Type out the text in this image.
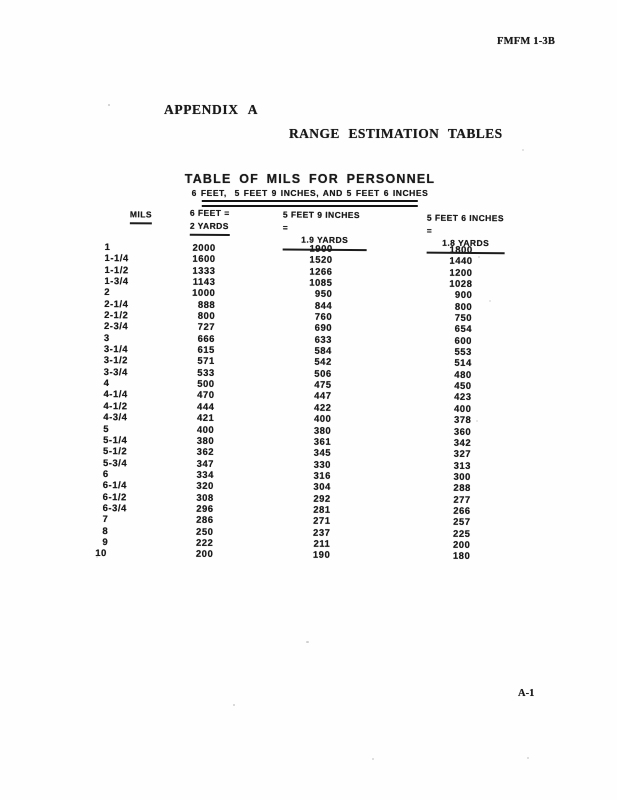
FMFM 1-3B
APPENDIX A
RANGE ESTIMATION TABLES
TABLE OF MILS FOR PERSONNEL
6 FEET,  5 FEET 9 INCHES, AND 5 FEET 6 INCHES
MILS	6 FEET =
2 YARDS
5 FEET 9 INCHES =
1.9 YARDS
5 FEET 6 INCHES =
1.8 YARDS
1	2000	1900	1800
1-1/4	1600	1520	1440
1-1/2	1333	1266	1200
1-3/4	1143	1085	1028
2	1000	950	900
2-1/4	888	844	800
2-1/2	800	760	750
2-3/4	727	690	654
3	666	633	600
3-1/4	615	584	553
3-1/2	571	542	514
3-3/4	533	506	480
4	500	475	450
4-1/4	470	447	423
4-1/2	444	422	400
4-3/4	421	400	378
5	400	380	360
5-1/4	380	361	342
5-1/2	362	345	327
5-3/4	347	330	313
6	334	316	300
6-1/4	320	304	288
6-1/2	308	292	277
6-3/4	296	281	266
7	286	271	257
8	250	237	225
9	222	211	200
10	200	190	180
A-1
